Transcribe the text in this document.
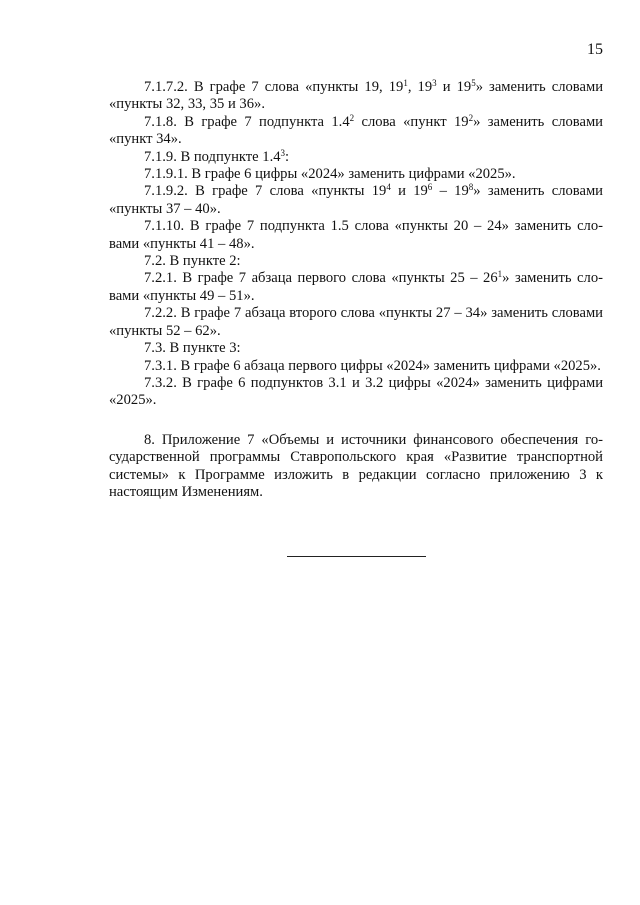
15

7.1.7.2. В графе 7 слова «пункты 19, $19^1$, $19^3$ и $19^5$» заменить словами «пункты 32, 33, 35 и 36».

7.1.8. В графе 7 подпункта $1.4^2$ слова «пункт $19^2$» заменить словами «пункт 34».

7.1.9. В подпункте $1.4^3$:

7.1.9.1. В графе 6 цифры «2024» заменить цифрами «2025».

7.1.9.2. В графе 7 слова «пункты $19^4$ и $19^6 - 19^8$» заменить словами «пункты 37 – 40».

7.1.10. В графе 7 подпункта 1.5 слова «пункты 20 – 24» заменить словами «пункты 41 – 48».

7.2. В пункте 2:

7.2.1. В графе 7 абзаца первого слова «пункты $25 - 26^1$» заменить словами «пункты 49 – 51».

7.2.2. В графе 7 абзаца второго слова «пункты 27 – 34» заменить словами «пункты 52 – 62».

7.3. В пункте 3:

7.3.1. В графе 6 абзаца первого цифры «2024» заменить цифрами «2025».

7.3.2. В графе 6 подпунктов 3.1 и 3.2 цифры «2024» заменить цифрами «2025».

8. Приложение 7 «Объемы и источники финансового обеспечения государственной программы Ставропольского края «Развитие транспортной системы» к Программе изложить в редакции согласно приложению 3 к настоящим Изменениям.
